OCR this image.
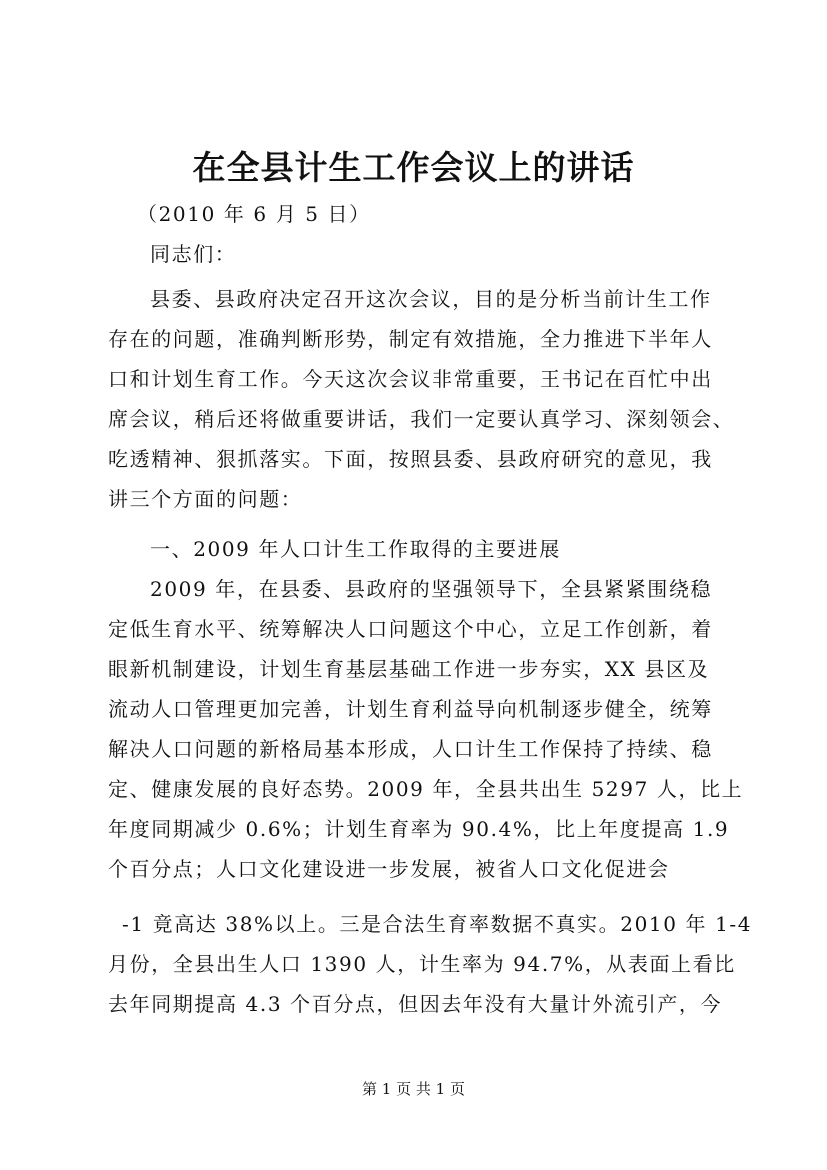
在全县计生工作会议上的讲话
（2010 年 6 月 5 日）
同志们：
县委、县政府决定召开这次会议，目的是分析当前计生工作
存在的问题，准确判断形势，制定有效措施，全力推进下半年人
口和计划生育工作。今天这次会议非常重要，王书记在百忙中出
席会议，稍后还将做重要讲话，我们一定要认真学习、深刻领会、
吃透精神、狠抓落实。下面，按照县委、县政府研究的意见，我
讲三个方面的问题：
一、2009 年人口计生工作取得的主要进展
2009 年，在县委、县政府的坚强领导下，全县紧紧围绕稳
定低生育水平、统筹解决人口问题这个中心，立足工作创新，着
眼新机制建设，计划生育基层基础工作进一步夯实，XX 县区及
流动人口管理更加完善，计划生育利益导向机制逐步健全，统筹
解决人口问题的新格局基本形成，人口计生工作保持了持续、稳
定、健康发展的良好态势。2009 年，全县共出生 5297 人，比上
年度同期减少 0.6%；计划生育率为 90.4%，比上年度提高 1.9
个百分点；人口文化建设进一步发展，被省人口文化促进会
-1 竟高达 38%以上。三是合法生育率数据不真实。2010 年 1-4
月份，全县出生人口 1390 人，计生率为 94.7%，从表面上看比
去年同期提高 4.3 个百分点，但因去年没有大量计外流引产，今
第 1 页 共 1 页
